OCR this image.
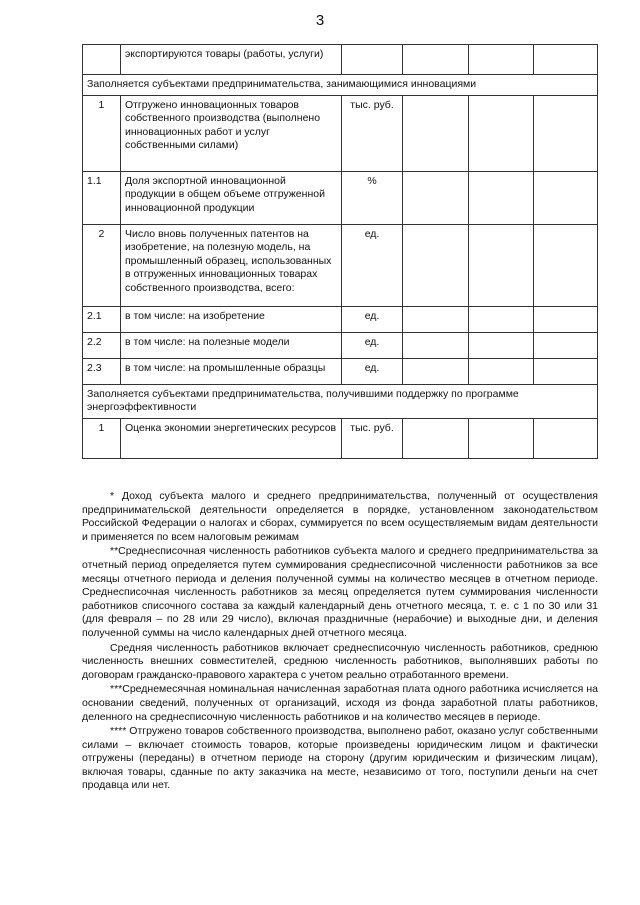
3
	экспортируются товары (работы, услуги)				
Заполняется субъектами предпринимательства, занимающимися инновациями					
1	Отгружено инновационных товаров собственного производства (выполнено инновационных работ и услуг собственными силами)	тыс. руб.			
1.1	Доля экспортной инновационной продукции в общем объеме отгруженной инновационной продукции	%			
2	Число вновь полученных патентов на изобретение, на полезную модель, на промышленный образец, использованных в отгруженных инновационных товарах собственного производства, всего:	ед.			
2.1	в том числе: на изобретение	ед.			
2.2	в том числе: на полезные модели	ед.			
2.3	в том числе: на промышленные образцы	ед.			
Заполняется субъектами предпринимательства, получившими поддержку по программе энергоэффективности					
1	Оценка экономии энергетических ресурсов	тыс. руб.			

* Доход субъекта малого и среднего предпринимательства, полученный от осуществления предпринимательской деятельности определяется в порядке, установленном законодательством Российской Федерации о налогах и сборах, суммируется по всем осуществляемым видам деятельности и применяется по всем налоговым режимам

**Среднесписочная численность работников субъекта малого и среднего предпринимательства за отчетный период определяется путем суммирования среднесписочной численности работников за все месяцы отчетного периода и деления полученной суммы на количество месяцев в отчетном периоде. Среднесписочная численность работников за месяц определяется путем суммирования численности работников списочного состава за каждый календарный день отчетного месяца, т. е. с 1 по 30 или 31 (для февраля – по 28 или 29 число), включая праздничные (нерабочие) и выходные дни, и деления полученной суммы на число календарных дней отчетного месяца.

Средняя численность работников включает среднесписочную численность работников, среднюю численность внешних совместителей, среднюю численность работников, выполнявших работы по договорам гражданско-правового характера с учетом реально отработанного времени.

***Среднемесячная номинальная начисленная заработная плата одного работника исчисляется на основании сведений, полученных от организаций, исходя из фонда заработной платы работников, деленного на среднесписочную численность работников и на количество месяцев в периоде.

**** Отгружено товаров собственного производства, выполнено работ, оказано услуг собственными силами – включает стоимость товаров, которые произведены юридическим лицом и фактически отгружены (переданы) в отчетном периоде на сторону (другим юридическим и физическим лицам), включая товары, сданные по акту заказчика на месте, независимо от того, поступили деньги на счет продавца или нет.
